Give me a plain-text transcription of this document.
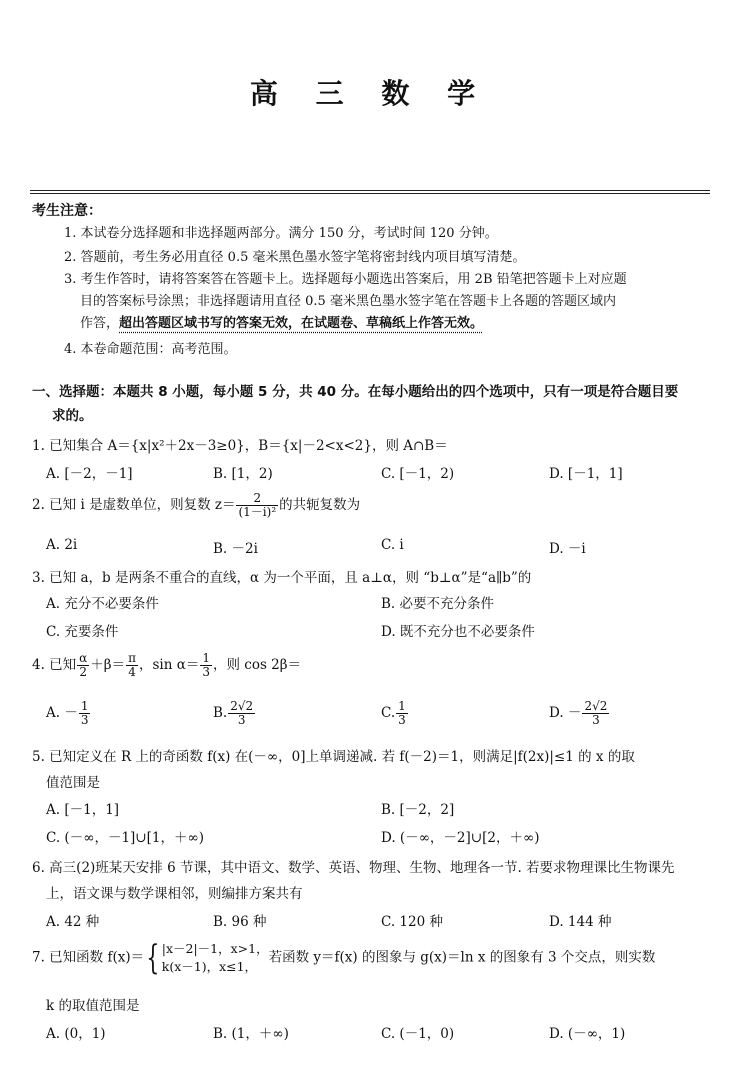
高 三 数 学
考生注意：
1. 本试卷分选择题和非选择题两部分。满分 150 分，考试时间 120 分钟。
2. 答题前，考生务必用直径 0.5 毫米黑色墨水签字笔将密封线内项目填写清楚。
3. 考生作答时，请将答案答在答题卡上。选择题每小题选出答案后，用 2B 铅笔把答题卡上对应题
目的答案标号涂黑；非选择题请用直径 0.5 毫米黑色墨水签字笔在答题卡上各题的答题区域内
作答，超出答题区域书写的答案无效，在试题卷、草稿纸上作答无效。
4. 本卷命题范围：高考范围。
一、选择题：本题共 8 小题，每小题 5 分，共 40 分。在每小题给出的四个选项中，只有一项是符合题目要
求的。
1. 已知集合 A＝{x|x²＋2x－3≥0}，B＝{x|－2<x<2}，则 A∩B＝
A. [－2，－1]	B. [1，2)	C. [－1，2)	D. [－1，1]
2. 已知 i 是虚数单位，则复数 $z= \frac{2}{\text{(1－i)²}}$ 的共轭复数为
A. 2i	B. －2i	C. i	D. －i
3. 已知 a，b 是两条不重合的直线，α 为一个平面，且 a⊥α，则 “b⊥α”是“a∥b”的
A. 充分不必要条件	B. 必要不充分条件
C. 充要条件	D. 既不充分也不必要条件
4. 已知 $\frac{\alpha}{2} +\beta= \frac{\pi}{4}$ ，$\sin \alpha= \frac{1}{3}$ ，则 cos 2β＝
A. － $\frac{1}{3}$	B. $\frac{2√2}{3}$	C. $\frac{1}{3}$	D. － $\frac{2√2}{3}$
5. 已知定义在 R 上的奇函数 f(x) 在(－∞，0]上单调递减. 若 f(－2)＝1，则满足|f(2x)|≤1 的 x 的取
值范围是
A. [－1，1]	B. [－2，2]
C. (－∞，－1]∪[1，＋∞)	D. (－∞，－2]∪[2，＋∞)
6. 高三(2)班某天安排 6 节课，其中语文、数学、英语、物理、生物、地理各一节. 若要求物理课比生物课先
上，语文课与数学课相邻，则编排方案共有
A. 42 种	B. 96 种	C. 120 种	D. 144 种
7. 已知函数 f(x)＝{ |x－2|－1，x>1，
k(x－1)，x≤1，
若函数 y＝f(x) 的图象与 g(x)＝ln x 的图象有 3 个交点，则实数
k 的取值范围是
A. (0，1)	B. (1，＋∞)	C. (－1，0)	D. (－∞，1)
